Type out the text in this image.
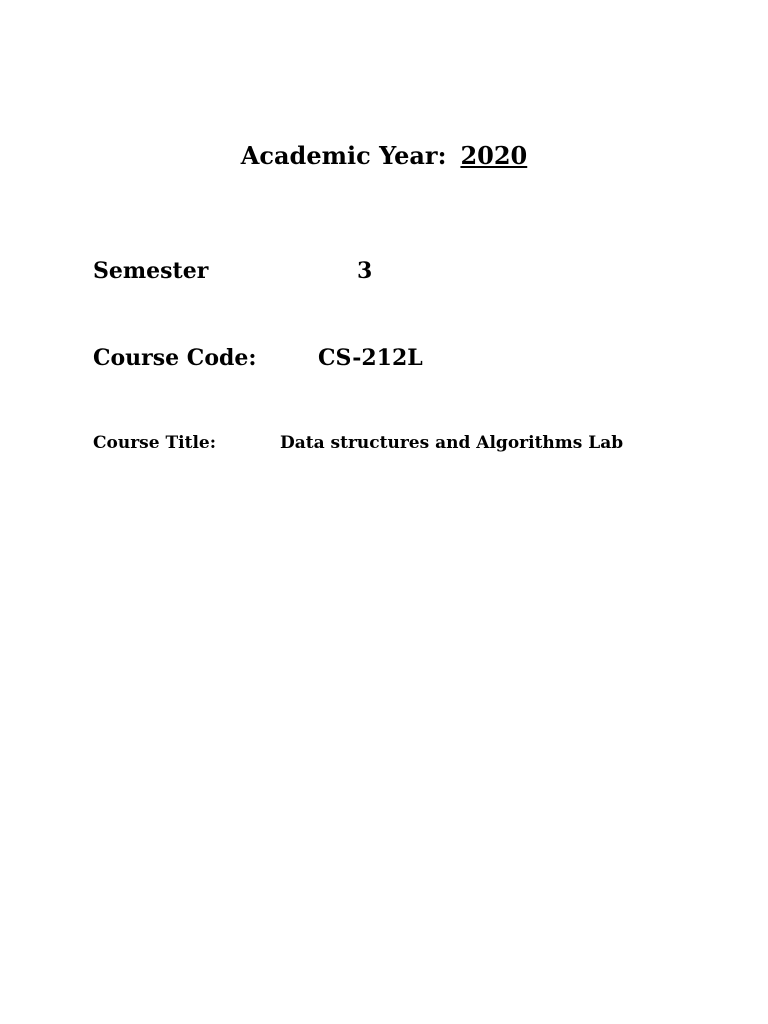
Academic Year: 2020
Semester	3
Course Code:	CS-212L
Course Title:	Data structures and Algorithms Lab
